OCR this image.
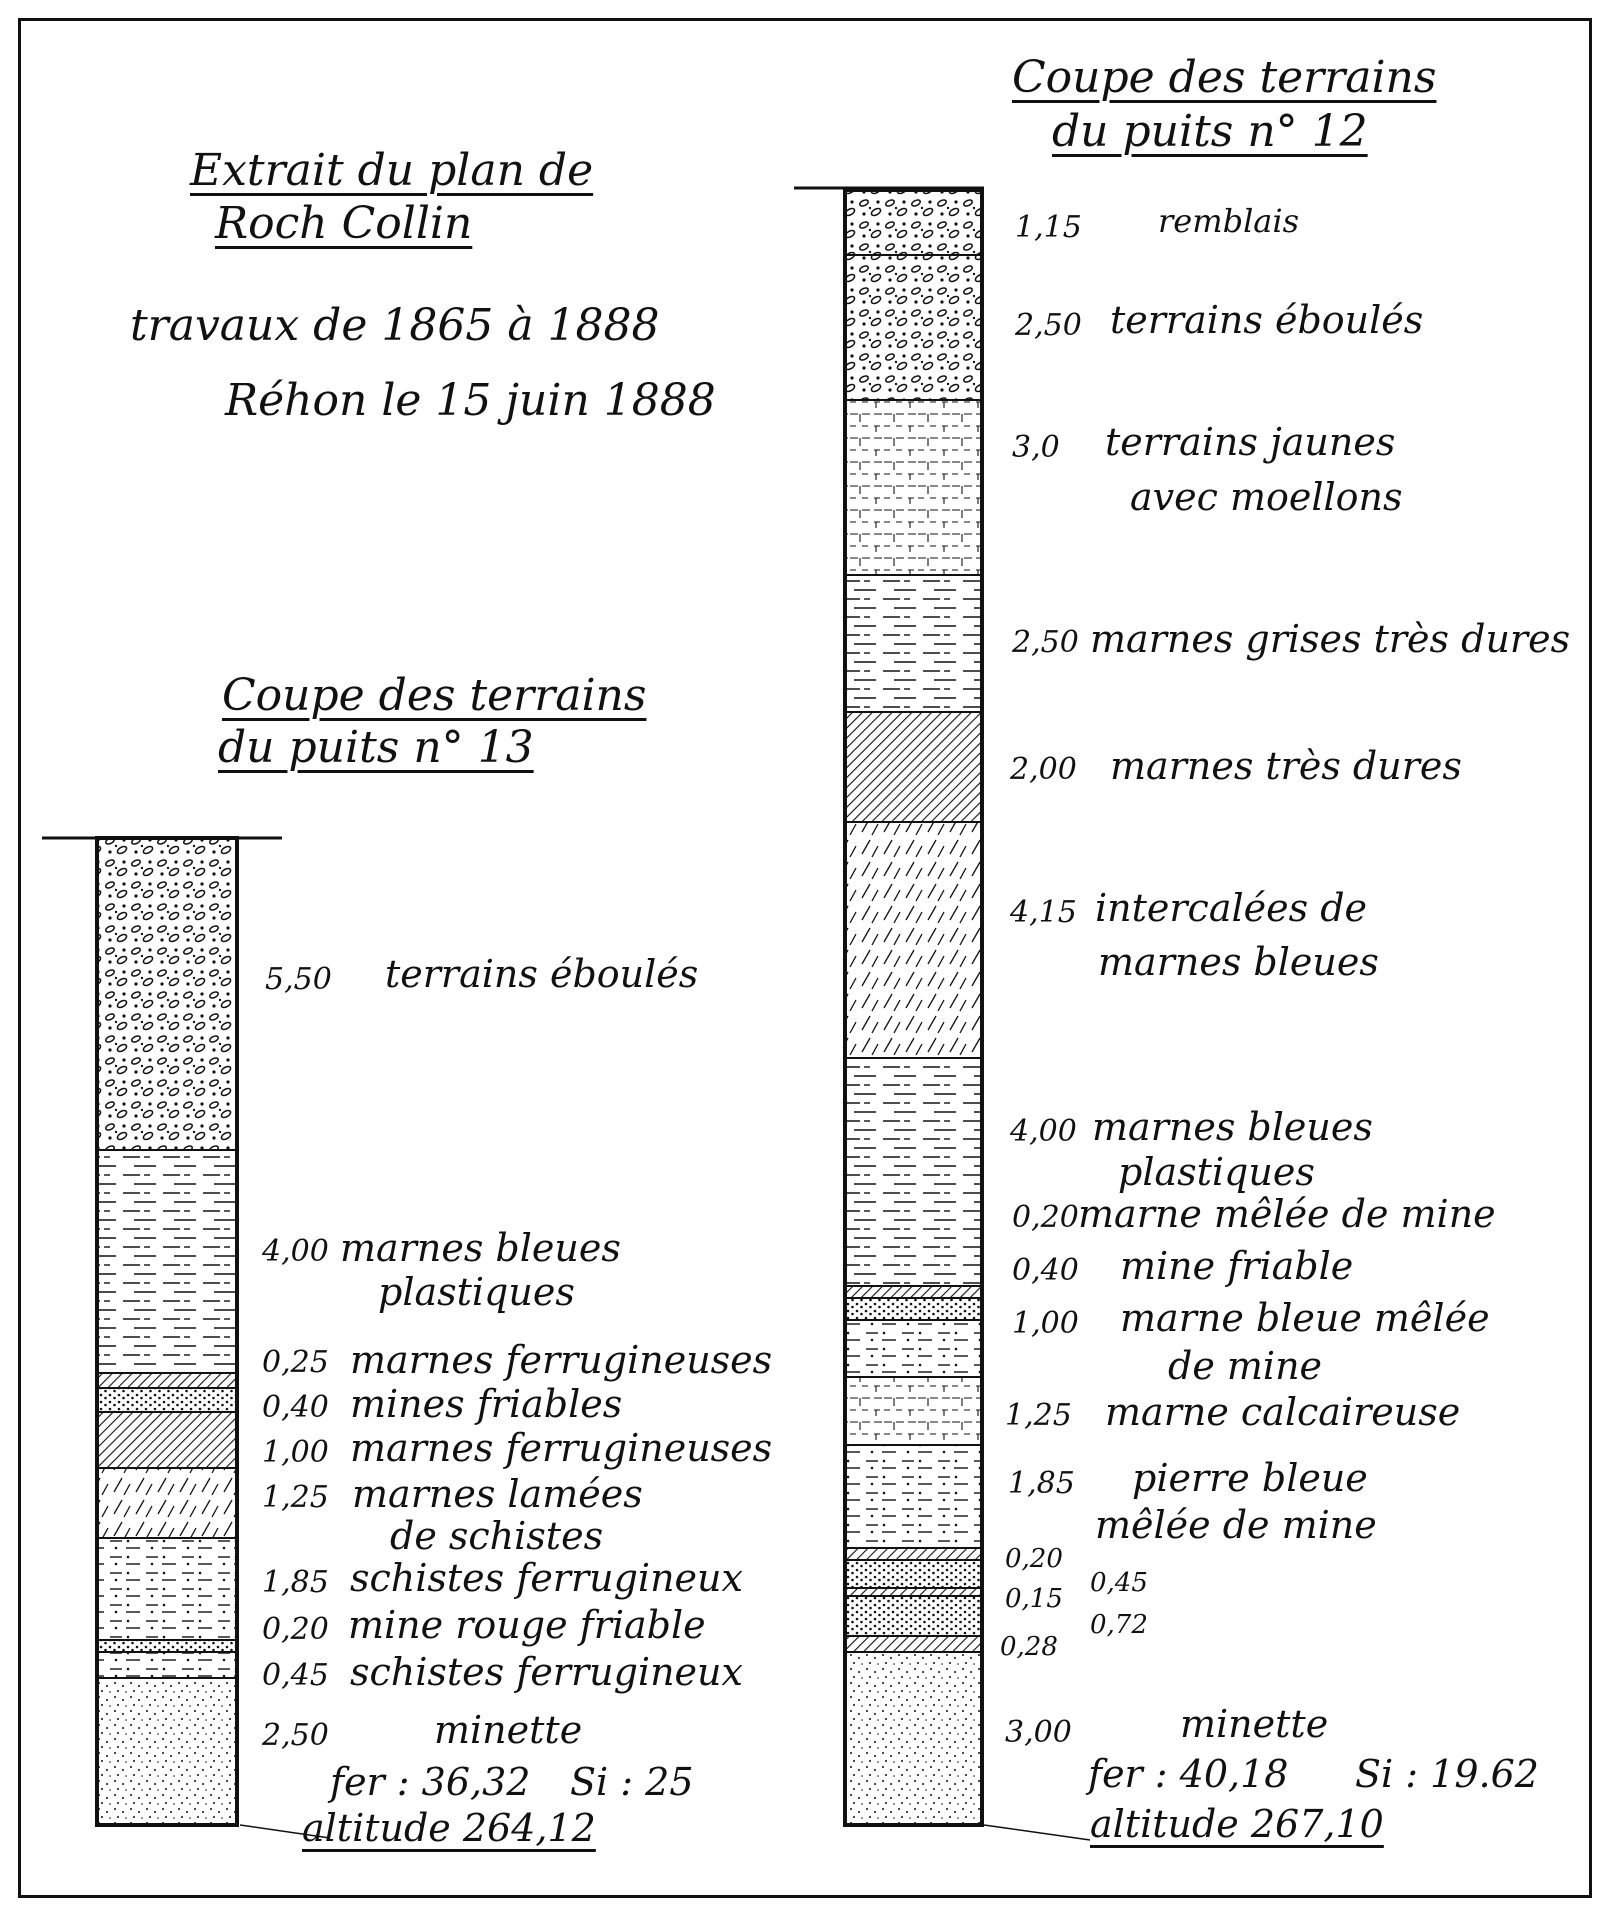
Extrait du plan de
Roch Collin
travaux de 1865 à 1888
Réhon le 15 juin 1888
Coupe des terrains
du puits n° 13
Coupe des terrains
du puits n° 12
5,50 terrains éboulés
4,00 marnes bleues
plastiques
0,25 marnes ferrugineuses
0,40 mines friables
1,00 marnes ferrugineuses
1,25 marnes lamées
de schistes
1,85 schistes ferrugineux
0,20 mine rouge friable
0,45 schistes ferrugineux
2,50	minette
fer : 36,32 Si : 25
altitude 264,12
1,15 remblais
2,50 terrains éboulés
3,0 terrains jaunes
avec moellons
2,50 marnes grises très dures
2,00 marnes très dures
4,15 intercalées de
marnes bleues
4,00 marnes bleues
plastiques
0,20 marne mêlée de mine
0,40 mine friable
1,00 marne bleue mêlée
de mine
1,25 marne calcaireuse
1,85 pierre bleue
mêlée de mine
0,20
0,45
0,15
0,72
0,28
3,00	minette
fer : 40,18 Si : 19.62
altitude 267,10
